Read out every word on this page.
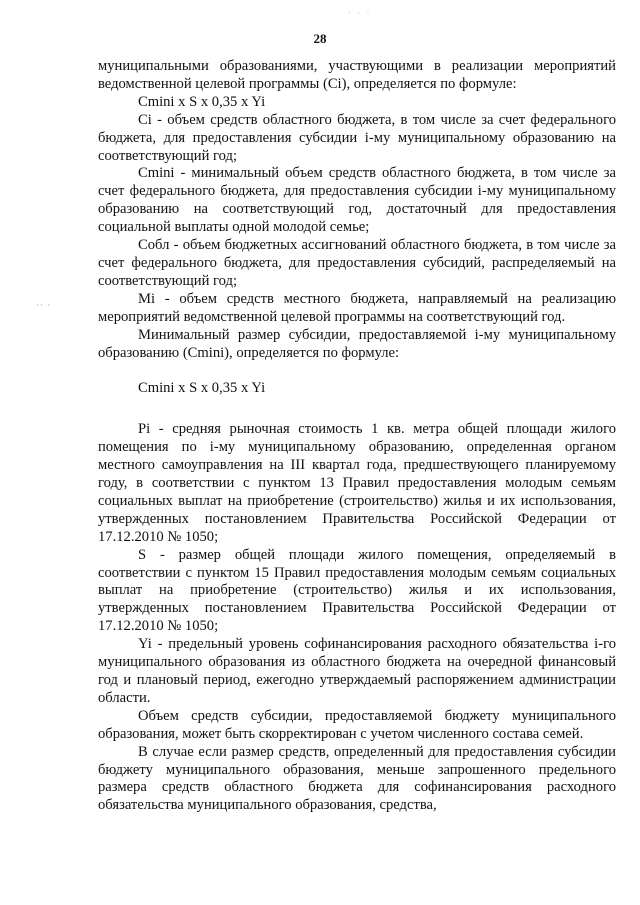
· · ·
·· ·
28

муниципальными образованиями, участвующими в реализации мероприятий ведомственной целевой программы (Ci), определяется по формуле:

Cmini x S x 0,35 x Yi

Ci - объем средств областного бюджета, в том числе за счет федерального бюджета, для предоставления субсидии i-му муниципальному образованию на соответствующий год;

Cmini - минимальный объем средств областного бюджета, в том числе за счет федерального бюджета, для предоставления субсидии i-му муниципальному образованию на соответствующий год, достаточный для предоставления социальной выплаты одной молодой семье;

Cобл - объем бюджетных ассигнований областного бюджета, в том числе за счет федерального бюджета, для предоставления субсидий, распределяемый на соответствующий год;

Mi - объем средств местного бюджета, направляемый на реализацию мероприятий ведомственной целевой программы на соответствующий год.

Минимальный размер субсидии, предоставляемой i-му муниципальному образованию (Cmini), определяется по формуле:

Cmini x S x 0,35 x Yi

Pi - средняя рыночная стоимость 1 кв. метра общей площади жилого помещения по i-му муниципальному образованию, определенная органом местного самоуправления на III квартал года, предшествующего планируемому году, в соответствии с пунктом 13 Правил предоставления молодым семьям социальных выплат на приобретение (строительство) жилья и их использования, утвержденных постановлением Правительства Российской Федерации от 17.12.2010 № 1050;

S - размер общей площади жилого помещения, определяемый в соответствии с пунктом 15 Правил предоставления молодым семьям социальных выплат на приобретение (строительство) жилья и их использования, утвержденных постановлением Правительства Российской Федерации от 17.12.2010 № 1050;

Yi - предельный уровень софинансирования расходного обязательства i-го муниципального образования из областного бюджета на очередной финансовый год и плановый период, ежегодно утверждаемый распоряжением администрации области.

Объем средств субсидии, предоставляемой бюджету муниципального образования, может быть скорректирован с учетом численного состава семей.

В случае если размер средств, определенный для предоставления субсидии бюджету муниципального образования, меньше запрошенного предельного размера средств областного бюджета для софинансирования расходного обязательства муниципального образования, средства,
